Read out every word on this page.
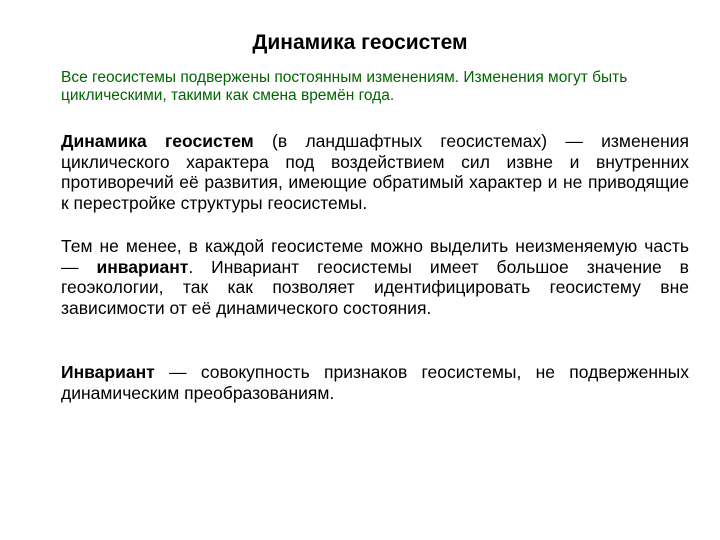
Динамика геосистем
Все геосистемы подвержены постоянным изменениям. Изменения могут быть циклическими, такими как смена времён года.
Динамика геосистем (в ландшафтных геосистемах) — изменения циклического характера под воздействием сил извне и внутренних противоречий её развития, имеющие обратимый характер и не приводящие к перестройке структуры геосистемы.
Тем не менее, в каждой геосистеме можно выделить неизменяемую часть — инвариант. Инвариант геосистемы имеет большое значение в геоэкологии, так как позволяет идентифицировать геосистему вне зависимости от её динамического состояния.
Инвариант — совокупность признаков геосистемы, не подверженных динамическим преобразованиям.
